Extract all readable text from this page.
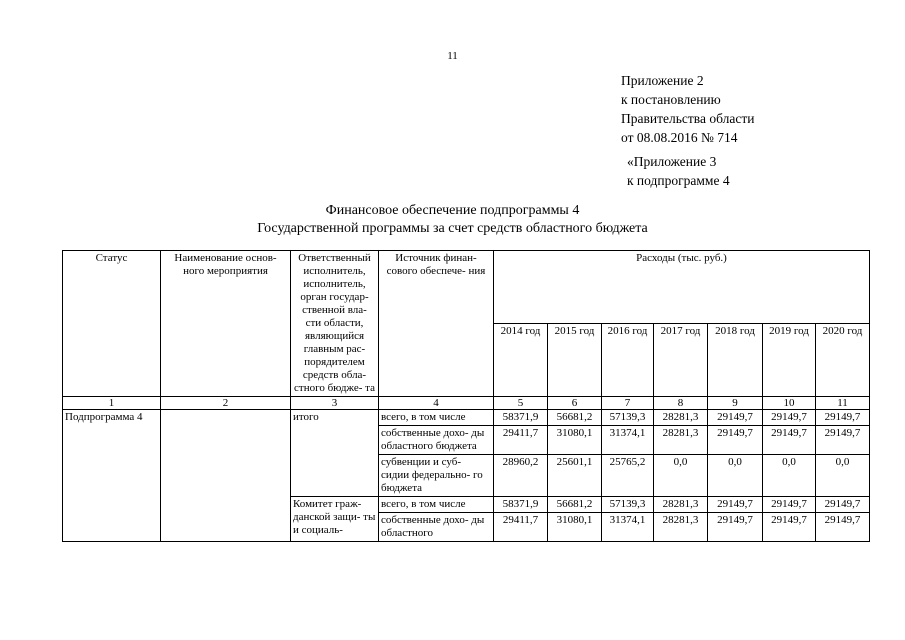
11
Приложение 2
к постановлению
Правительства области
от 08.08.2016 № 714
«Приложение 3
к подпрограмме 4
Финансовое обеспечение подпрограммы 4
Государственной программы за счет средств областного бюджета
Статус	Наименование основ- ного мероприятия	Ответственный исполнитель, исполнитель, орган государ- ственной вла- сти области, являющийся главным рас- порядителем средств обла- стного бюдже- та	Источник финан- сового обеспече- ния	Расходы (тыс. руб.)						
				2014 год	2015 год	2016 год	2017 год	2018 год	2019 год	2020 год
1	2	3	4	5	6	7	8	9	10	11
Подпрограмма 4		итого	всего, в том числе	58371,9	56681,2	57139,3	28281,3	29149,7	29149,7	29149,7
			собственные дохо- ды областного бюджета	29411,7	31080,1	31374,1	28281,3	29149,7	29149,7	29149,7
			субвенции и суб- сидии федерально- го бюджета	28960,2	25601,1	25765,2	0,0	0,0	0,0	0,0
		Комитет граж- данской защи- ты и социаль-	всего, в том числе	58371,9	56681,2	57139,3	28281,3	29149,7	29149,7	29149,7
			собственные дохо- ды областного	29411,7	31080,1	31374,1	28281,3	29149,7	29149,7	29149,7
